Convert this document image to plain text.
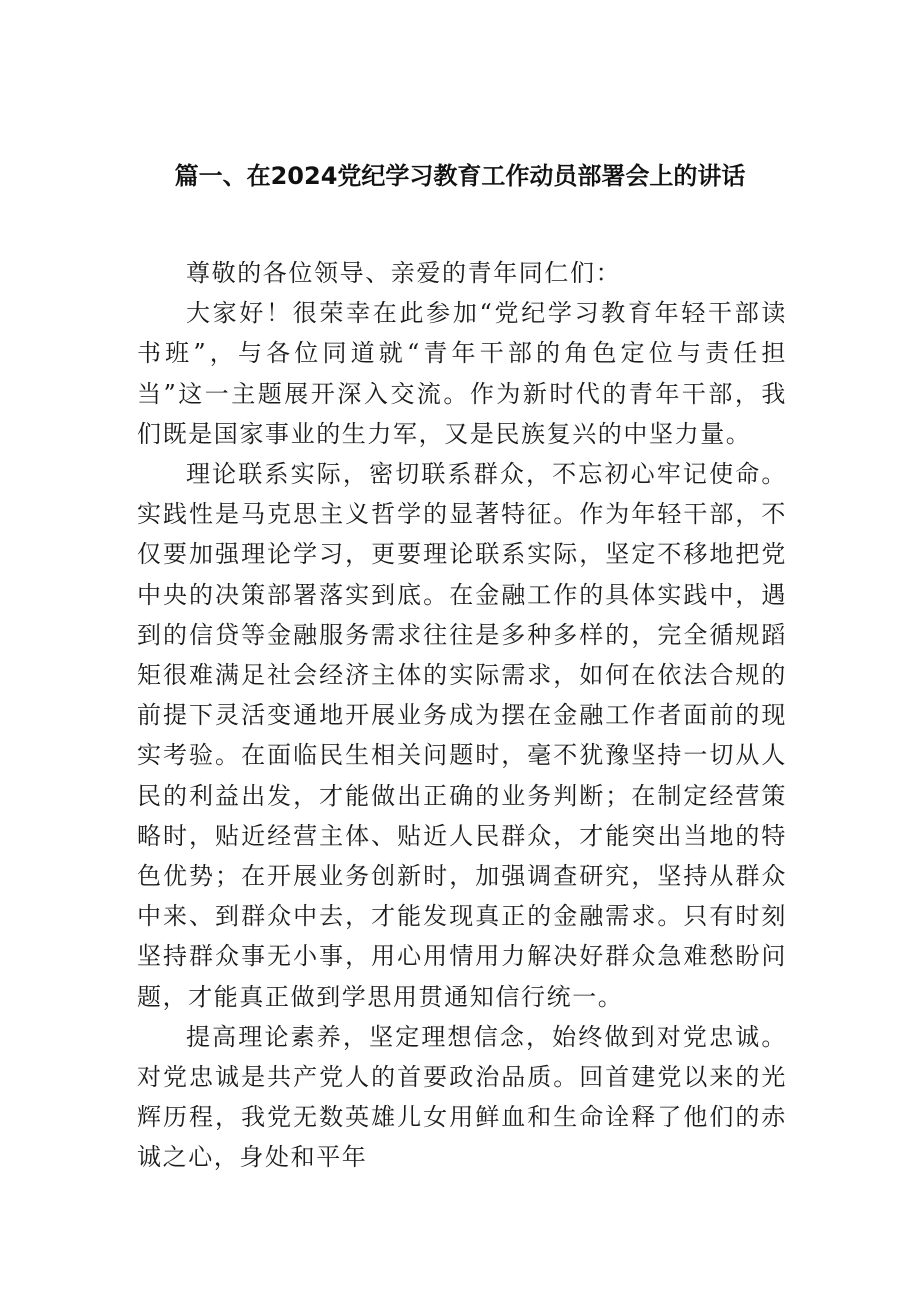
篇一、在2024党纪学习教育工作动员部署会上的讲话

尊敬的各位领导、亲爱的青年同仁们：

大家好！很荣幸在此参加“党纪学习教育年轻干部读书班”，与各位同道就“青年干部的角色定位与责任担当”这一主题展开深入交流。作为新时代的青年干部，我们既是国家事业的生力军，又是民族复兴的中坚力量。

理论联系实际，密切联系群众，不忘初心牢记使命。实践性是马克思主义哲学的显著特征。作为年轻干部，不仅要加强理论学习，更要理论联系实际，坚定不移地把党中央的决策部署落实到底。在金融工作的具体实践中，遇到的信贷等金融服务需求往往是多种多样的，完全循规蹈矩很难满足社会经济主体的实际需求，如何在依法合规的前提下灵活变通地开展业务成为摆在金融工作者面前的现实考验。在面临民生相关问题时，毫不犹豫坚持一切从人民的利益出发，才能做出正确的业务判断；在制定经营策略时，贴近经营主体、贴近人民群众，才能突出当地的特色优势；在开展业务创新时，加强调查研究，坚持从群众中来、到群众中去，才能发现真正的金融需求。只有时刻坚持群众事无小事，用心用情用力解决好群众急难愁盼问题，才能真正做到学思用贯通知信行统一。

提高理论素养，坚定理想信念，始终做到对党忠诚。对党忠诚是共产党人的首要政治品质。回首建党以来的光辉历程，我党无数英雄儿女用鲜血和生命诠释了他们的赤诚之心，身处和平年
